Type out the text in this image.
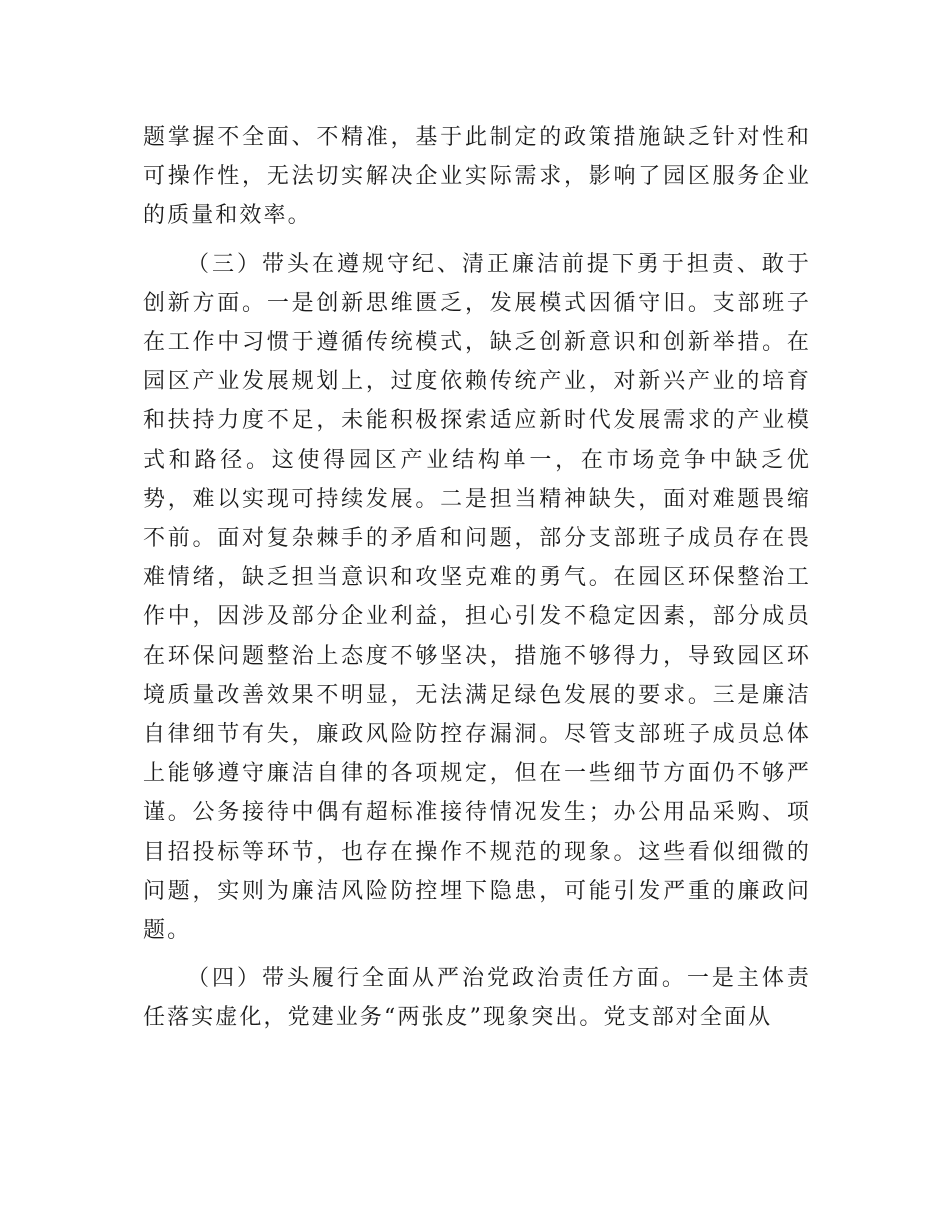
题掌握不全面、不精准，基于此制定的政策措施缺乏针对性和可操作性，无法切实解决企业实际需求，影响了园区服务企业的质量和效率。

（三）带头在遵规守纪、清正廉洁前提下勇于担责、敢于创新方面。一是创新思维匮乏，发展模式因循守旧。支部班子在工作中习惯于遵循传统模式，缺乏创新意识和创新举措。在园区产业发展规划上，过度依赖传统产业，对新兴产业的培育和扶持力度不足，未能积极探索适应新时代发展需求的产业模式和路径。这使得园区产业结构单一，在市场竞争中缺乏优势，难以实现可持续发展。二是担当精神缺失，面对难题畏缩不前。面对复杂棘手的矛盾和问题，部分支部班子成员存在畏难情绪，缺乏担当意识和攻坚克难的勇气。在园区环保整治工作中，因涉及部分企业利益，担心引发不稳定因素，部分成员在环保问题整治上态度不够坚决，措施不够得力，导致园区环境质量改善效果不明显，无法满足绿色发展的要求。三是廉洁自律细节有失，廉政风险防控存漏洞。尽管支部班子成员总体上能够遵守廉洁自律的各项规定，但在一些细节方面仍不够严谨。公务接待中偶有超标准接待情况发生；办公用品采购、项目招投标等环节，也存在操作不规范的现象。这些看似细微的问题，实则为廉洁风险防控埋下隐患，可能引发严重的廉政问题。

（四）带头履行全面从严治党政治责任方面。一是主体责任落实虚化，党建业务“两张皮”现象突出。党支部对全面从
